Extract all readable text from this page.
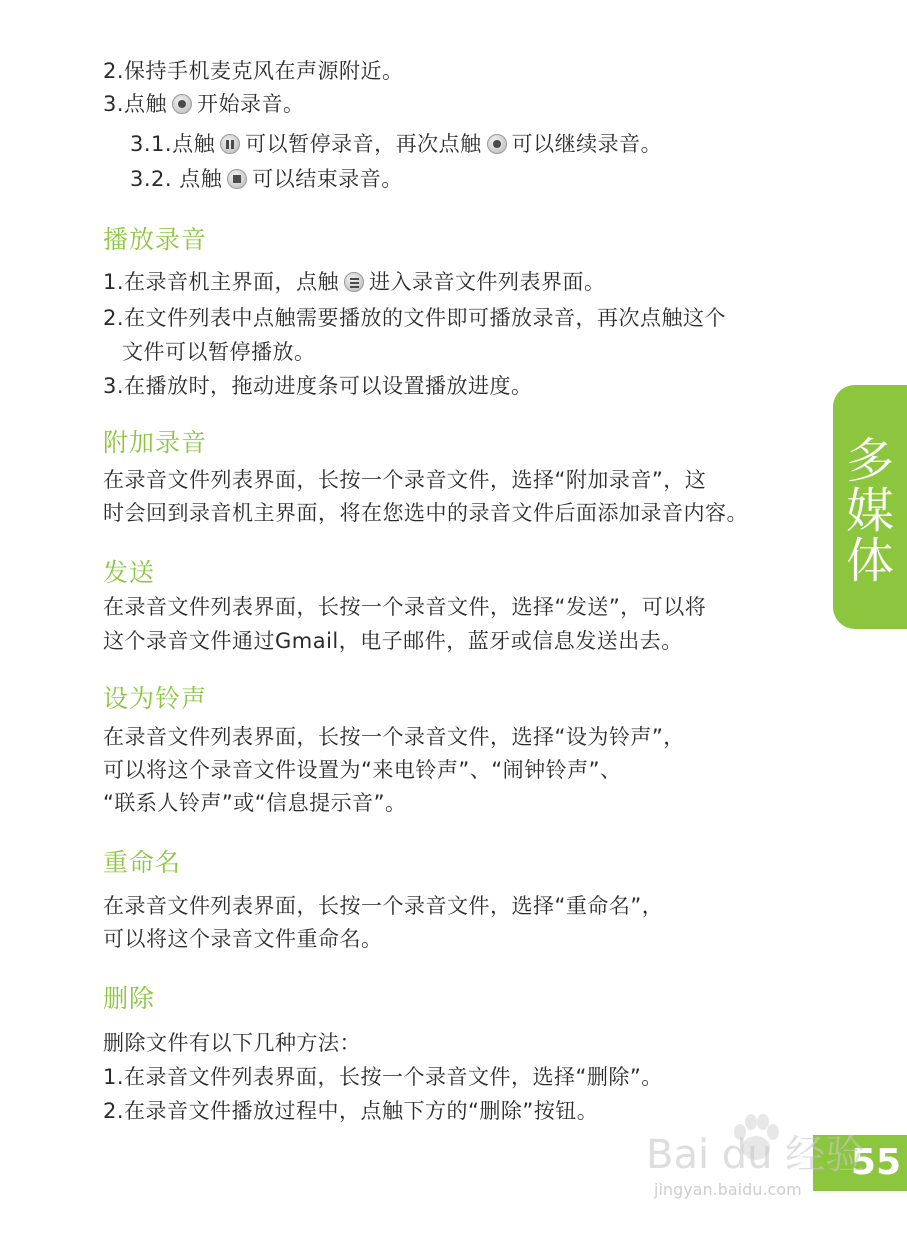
2.保持手机麦克风在声源附近。
3.点触 开始录音。
3.1.点触 可以暂停录音，再次点触 可以继续录音。
3.2. 点触 可以结束录音。
播放录音
1.在录音机主界面，点触 进入录音文件列表界面。
2.在文件列表中点触需要播放的文件即可播放录音，再次点触这个
文件可以暂停播放。
3.在播放时，拖动进度条可以设置播放进度。
附加录音
在录音文件列表界面，长按一个录音文件，选择“附加录音”，这
时会回到录音机主界面，将在您选中的录音文件后面添加录音内容。
发送
在录音文件列表界面，长按一个录音文件，选择“发送”，可以将
这个录音文件通过Gmail，电子邮件，蓝牙或信息发送出去。
设为铃声
在录音文件列表界面，长按一个录音文件，选择“设为铃声”，
可以将这个录音文件设置为“来电铃声”、“闹钟铃声”、
“联系人铃声”或“信息提示音”。
重命名
在录音文件列表界面，长按一个录音文件，选择“重命名”，
可以将这个录音文件重命名。
删除
删除文件有以下几种方法：
1.在录音文件列表界面，长按一个录音文件，选择“删除”。
2.在录音文件播放过程中，点触下方的“删除”按钮。
多
媒
体
55
Bai du 经验
jingyan.baidu.com
